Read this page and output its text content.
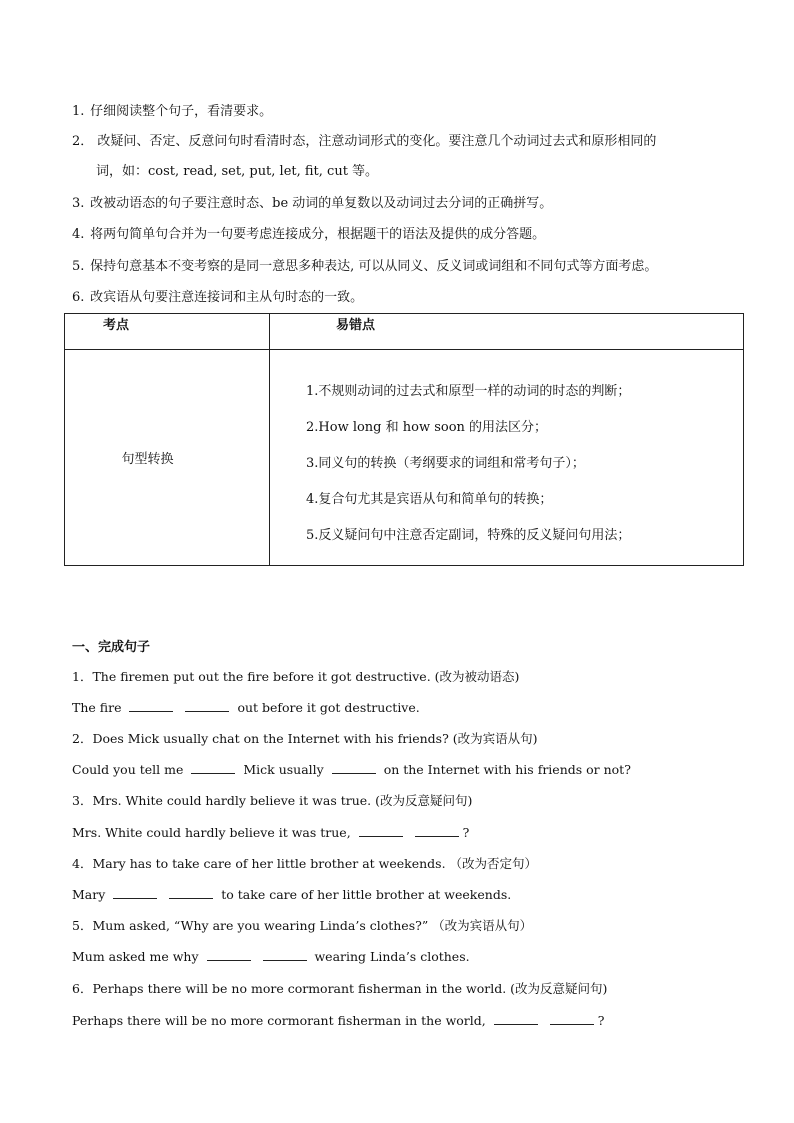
1. 仔细阅读整个句子，看清要求。
2． 改疑问、否定、反意问句时看清时态，注意动词形式的变化。要注意几个动词过去式和原形相同的
词，如：cost, read, set, put, let, fit, cut 等。
3. 改被动语态的句子要注意时态、be 动词的单复数以及动词过去分词的正确拼写。
4. 将两句简单句合并为一句要考虑连接成分，根据题干的语法及提供的成分答题。
5. 保持句意基本不变考察的是同一意思多种表达, 可以从同义、反义词或词组和不同句式等方面考虑。
6. 改宾语从句要注意连接词和主从句时态的一致。
考点	易错点
句型转换	1.不规则动词的过去式和原型一样的动词的时态的判断；
2.How long 和 how soon 的用法区分；
3.同义句的转换（考纲要求的词组和常考句子）；
4.复合句尤其是宾语从句和简单句的转换；
5.反义疑问句中注意否定副词，特殊的反义疑问句用法；
一、完成句子
1．The firemen put out the fire before it got destructive. (改为被动语态)
The fire	out before it got destructive.
2．Does Mick usually chat on the Internet with his friends? (改为宾语从句)
Could you tell me	Mick usually	on the Internet with his friends or not?
3．Mrs. White could hardly believe it was true. (改为反意疑问句)
Mrs. White could hardly believe it was true,	?
4．Mary has to take care of her little brother at weekends. （改为否定句）
Mary	to take care of her little brother at weekends.
5．Mum asked, “Why are you wearing Linda’s clothes?” （改为宾语从句）
Mum asked me why	wearing Linda’s clothes.
6．Perhaps there will be no more cormorant fisherman in the world. (改为反意疑问句)
Perhaps there will be no more cormorant fisherman in the world,	?
